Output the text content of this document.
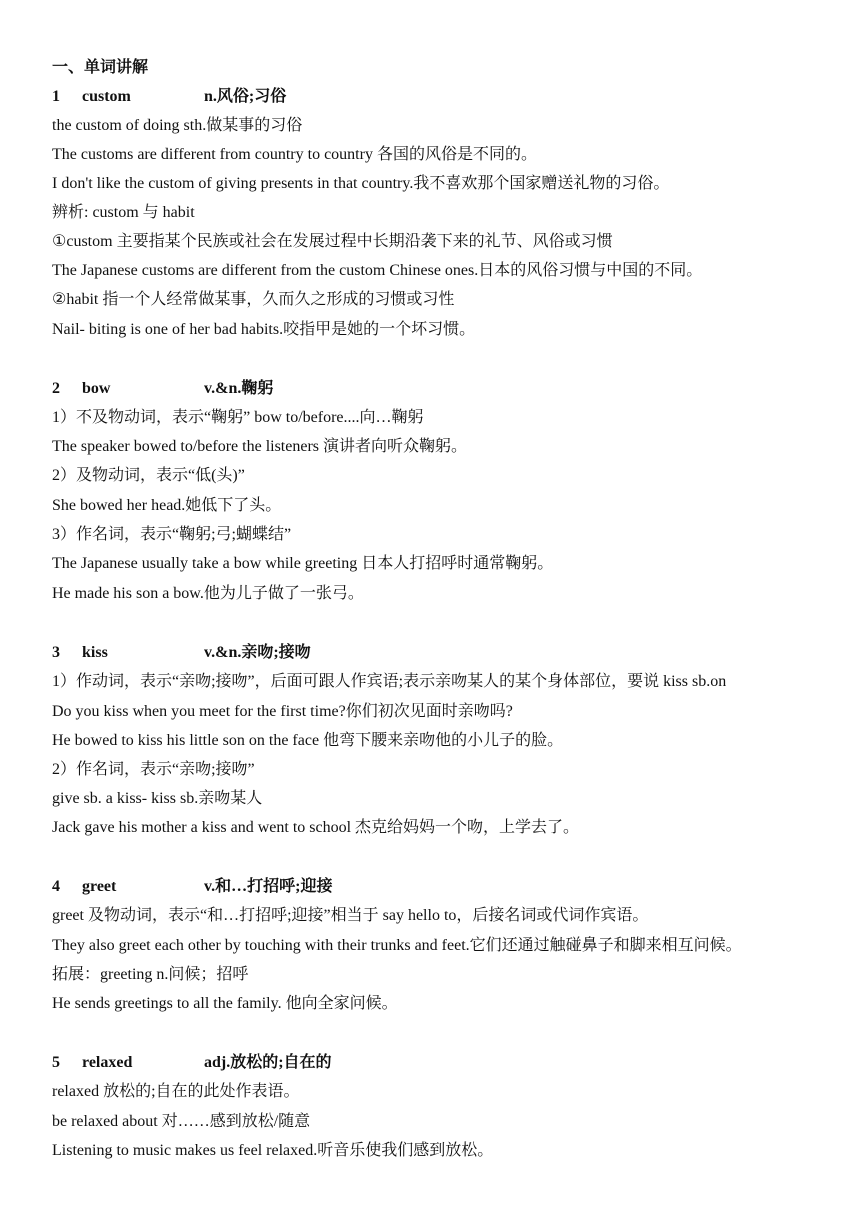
一、单词讲解
1 custom	n.风俗;习俗
the custom of doing sth.做某事的习俗
The customs are different from country to country 各国的风俗是不同的。
I don't like the custom of giving presents in that country.我不喜欢那个国家赠送礼物的习俗。
辨析: custom 与 habit
①custom 主要指某个民族或社会在发展过程中长期沿袭下来的礼节、风俗或习惯
The Japanese customs are different from the custom Chinese ones.日本的风俗习惯与中国的不同。
②habit 指一个人经常做某事，久而久之形成的习惯或习性
Nail- biting is one of her bad habits.咬指甲是她的一个坏习惯。
2 bow	v.&n.鞠躬
1）不及物动词，表示“鞠躬” bow to/before....向…鞠躬
The speaker bowed to/before the listeners 演讲者向听众鞠躬。
2）及物动词，表示“低(头)”
She bowed her head.她低下了头。
3）作名词，表示“鞠躬;弓;蝴蝶结”
The Japanese usually take a bow while greeting 日本人打招呼时通常鞠躬。
He made his son a bow.他为儿子做了一张弓。
3 kiss	v.&n.亲吻;接吻
1）作动词，表示“亲吻;接吻”，后面可跟人作宾语;表示亲吻某人的某个身体部位，要说 kiss sb.on
Do you kiss when you meet for the first time?你们初次见面时亲吻吗?
He bowed to kiss his little son on the face 他弯下腰来亲吻他的小儿子的脸。
2）作名词，表示“亲吻;接吻”
give sb. a kiss- kiss sb.亲吻某人
Jack gave his mother a kiss and went to school 杰克给妈妈一个吻，上学去了。
4 greet	v.和…打招呼;迎接
greet 及物动词，表示“和…打招呼;迎接”相当于 say hello to，后接名词或代词作宾语。
They also greet each other by touching with their trunks and feet.它们还通过触碰鼻子和脚来相互问候。
拓展：greeting n.问候；招呼
He sends greetings to all the family. 他向全家问候。
5 relaxed	adj.放松的;自在的
relaxed 放松的;自在的此处作表语。
be relaxed about 对……感到放松/随意
Listening to music makes us feel relaxed.听音乐使我们感到放松。
